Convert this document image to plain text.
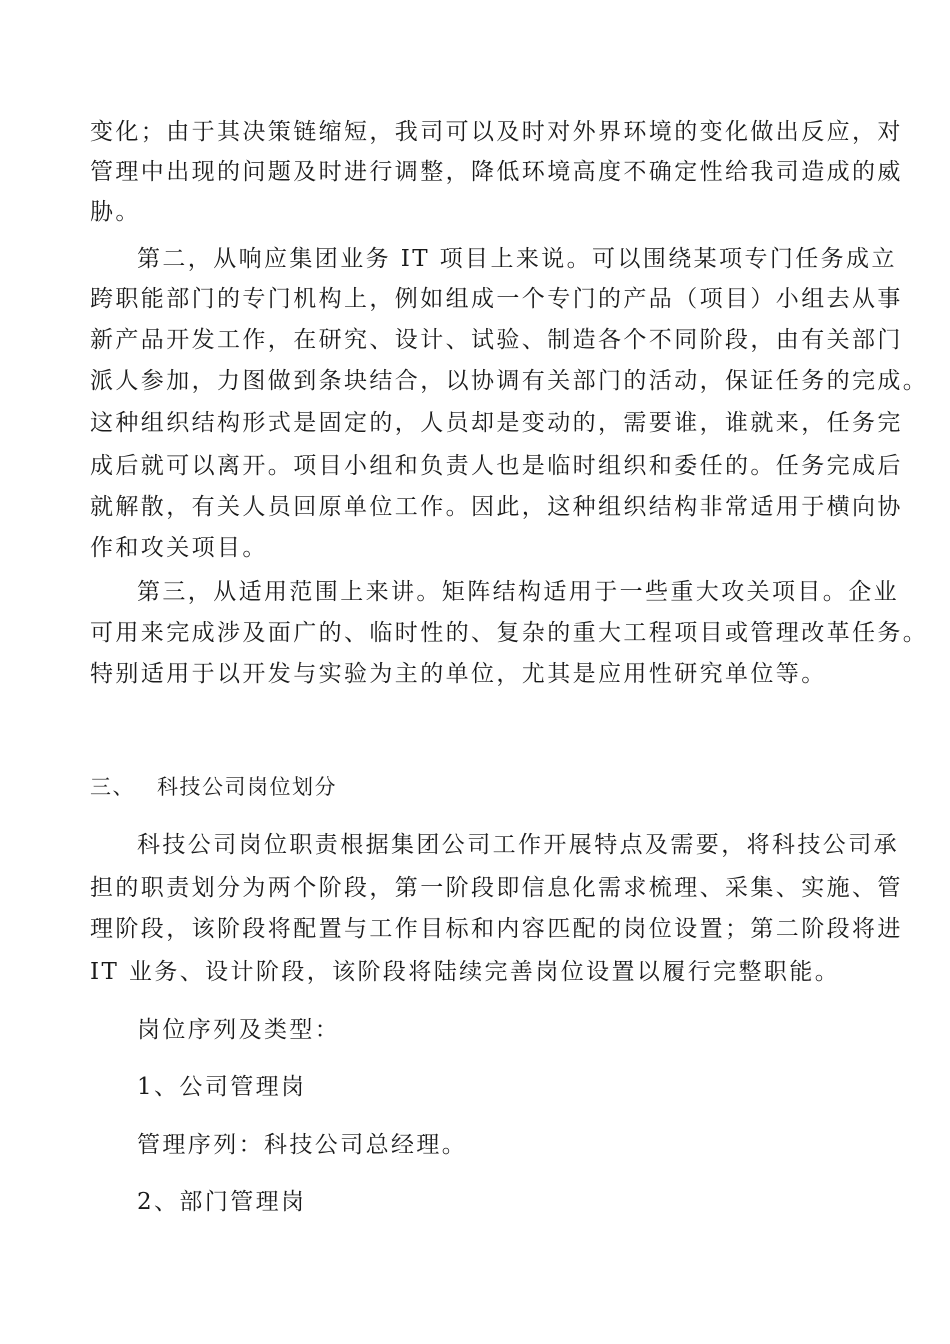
变化；由于其决策链缩短，我司可以及时对外界环境的变化做出反应，对
管理中出现的问题及时进行调整，降低环境高度不确定性给我司造成的威
胁。
第二，从响应集团业务 IT 项目上来说。可以围绕某项专门任务成立
跨职能部门的专门机构上，例如组成一个专门的产品（项目）小组去从事
新产品开发工作，在研究、设计、试验、制造各个不同阶段，由有关部门
派人参加，力图做到条块结合，以协调有关部门的活动，保证任务的完成。
这种组织结构形式是固定的，人员却是变动的，需要谁，谁就来，任务完
成后就可以离开。项目小组和负责人也是临时组织和委任的。任务完成后
就解散，有关人员回原单位工作。因此，这种组织结构非常适用于横向协
作和攻关项目。
第三，从适用范围上来讲。矩阵结构适用于一些重大攻关项目。企业
可用来完成涉及面广的、临时性的、复杂的重大工程项目或管理改革任务。
特别适用于以开发与实验为主的单位，尤其是应用性研究单位等。
三、 科技公司岗位划分
科技公司岗位职责根据集团公司工作开展特点及需要，将科技公司承
担的职责划分为两个阶段，第一阶段即信息化需求梳理、采集、实施、管
理阶段，该阶段将配置与工作目标和内容匹配的岗位设置；第二阶段将进
IT 业务、设计阶段，该阶段将陆续完善岗位设置以履行完整职能。
岗位序列及类型：
1、公司管理岗
管理序列：科技公司总经理。
2、部门管理岗
